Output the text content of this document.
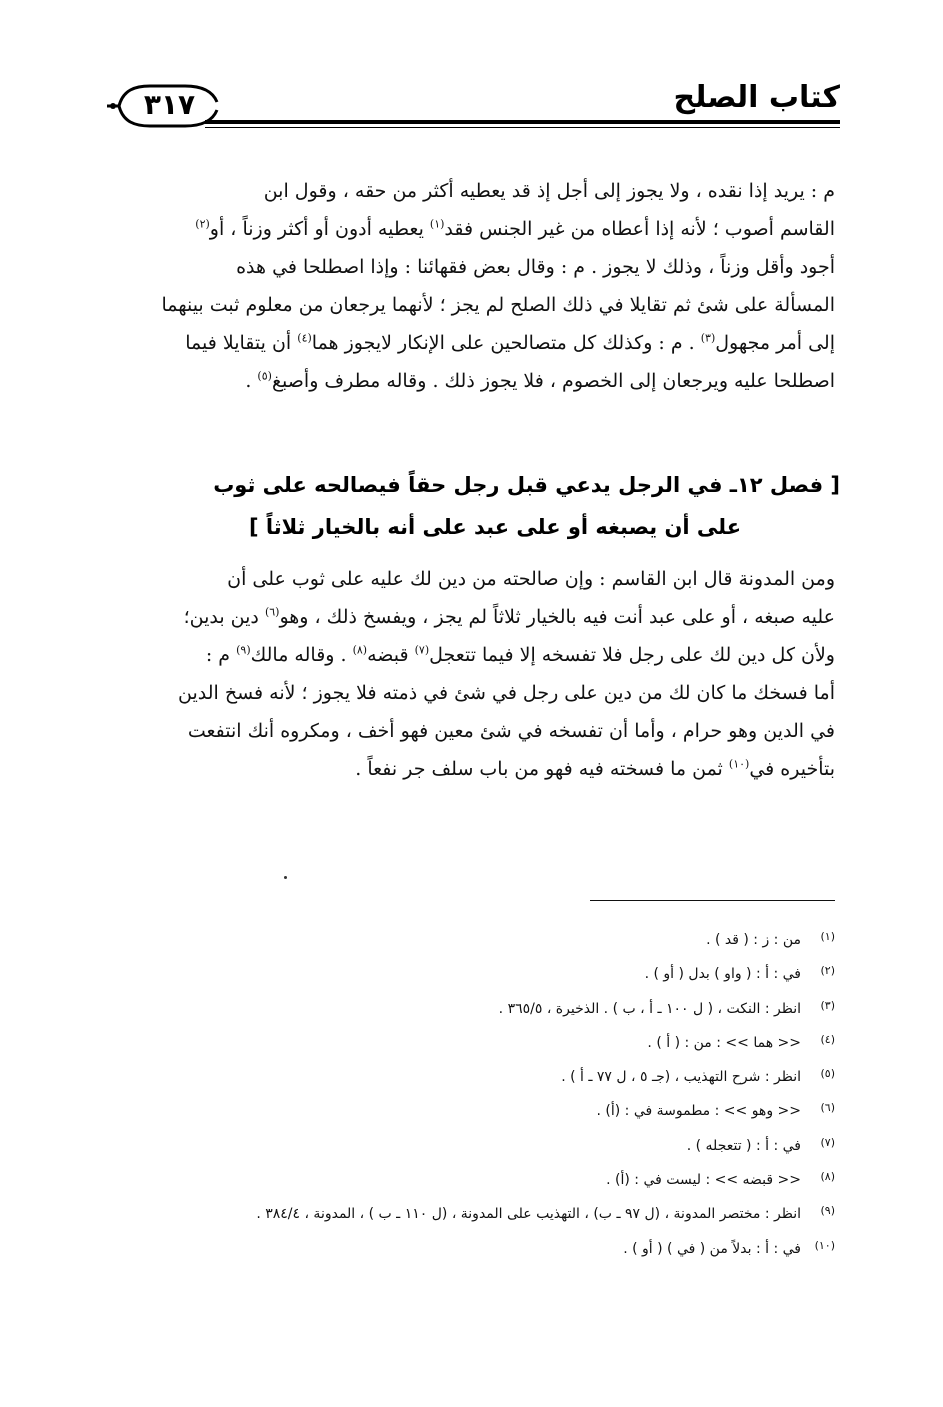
كتاب الصلح
٣١٧
م : يريد إذا نقده ، ولا يجوز إلى أجل إذ قد يعطيه أكثر من حقه ، وقول ابن
القاسم أصوب ؛ لأنه إذا أعطاه من غير الجنس فقد$^{(١)}$ يعطيه أدون أو أكثر وزناً ، أو$^{(٢)}$
أجود وأقل وزناً ، وذلك لا يجوز . م : وقال بعض فقهائنا : وإذا اصطلحا في هذه
المسألة على شئ ثم تقايلا في ذلك الصلح لم يجز ؛ لأنهما يرجعان من معلوم ثبت بينهما
إلى أمر مجهول$^{(٣)}$ . م : وكذلك كل متصالحين على الإنكار لايجوز هما$^{(٤)}$ أن يتقايلا فيما
اصطلحا عليه ويرجعان إلى الخصوم ، فلا يجوز ذلك . وقاله مطرف وأصبغ$^{(٥)}$ .
[ فصل ١٢ـ في الرجل يدعي قبل رجل حقاً فيصالحه على ثوب
على أن يصبغه أو على عبد على أنه بالخيار ثلاثاً ]
ومن المدونة قال ابن القاسم : وإن صالحته من دين لك عليه على ثوب على أن
عليه صبغه ، أو على عبد أنت فيه بالخيار ثلاثاً لم يجز ، ويفسخ ذلك ، وهو$^{(٦)}$ دين بدين؛
ولأن كل دين لك على رجل فلا تفسخه إلا فيما تتعجل$^{(٧)}$ قبضه$^{(٨)}$ . وقاله مالك$^{(٩)}$ م :
أما فسخك ما كان لك من دين على رجل في شئ في ذمته فلا يجوز ؛ لأنه فسخ الدين
في الدين وهو حرام ، وأما أن تفسخه في شئ معين فهو أخف ، ومكروه أنك انتفعت
بتأخيره في$^{(١٠)}$ ثمن ما فسخته فيه فهو من باب سلف جر نفعاً .
(١)من : ز : ( قد ) .
(٢)في : أ : ( واو ) بدل ( أو ) .
(٣)انظر : النكت ، ( ل ١٠٠ ـ أ ، ب ) . الذخيرة ، ٣٦٥/٥ .
(٤)<< هما >> : من : ( أ ) .
(٥)انظر : شرح التهذيب ، (جـ ٥ ، ل ٧٧ ـ أ ) .
(٦)<< وهو >> : مطموسة في : (أ) .
(٧)في : أ : ( تتعجله ) .
(٨)<< قبضه >> : ليست في : (أ) .
(٩)انظر : مختصر المدونة ، (ل ٩٧ ـ ب) ، التهذيب على المدونة ، (ل ١١٠ ـ ب ) ، المدونة ، ٣٨٤/٤ .
(١٠)في : أ : بدلاً من ( في ) ( أو ) .
